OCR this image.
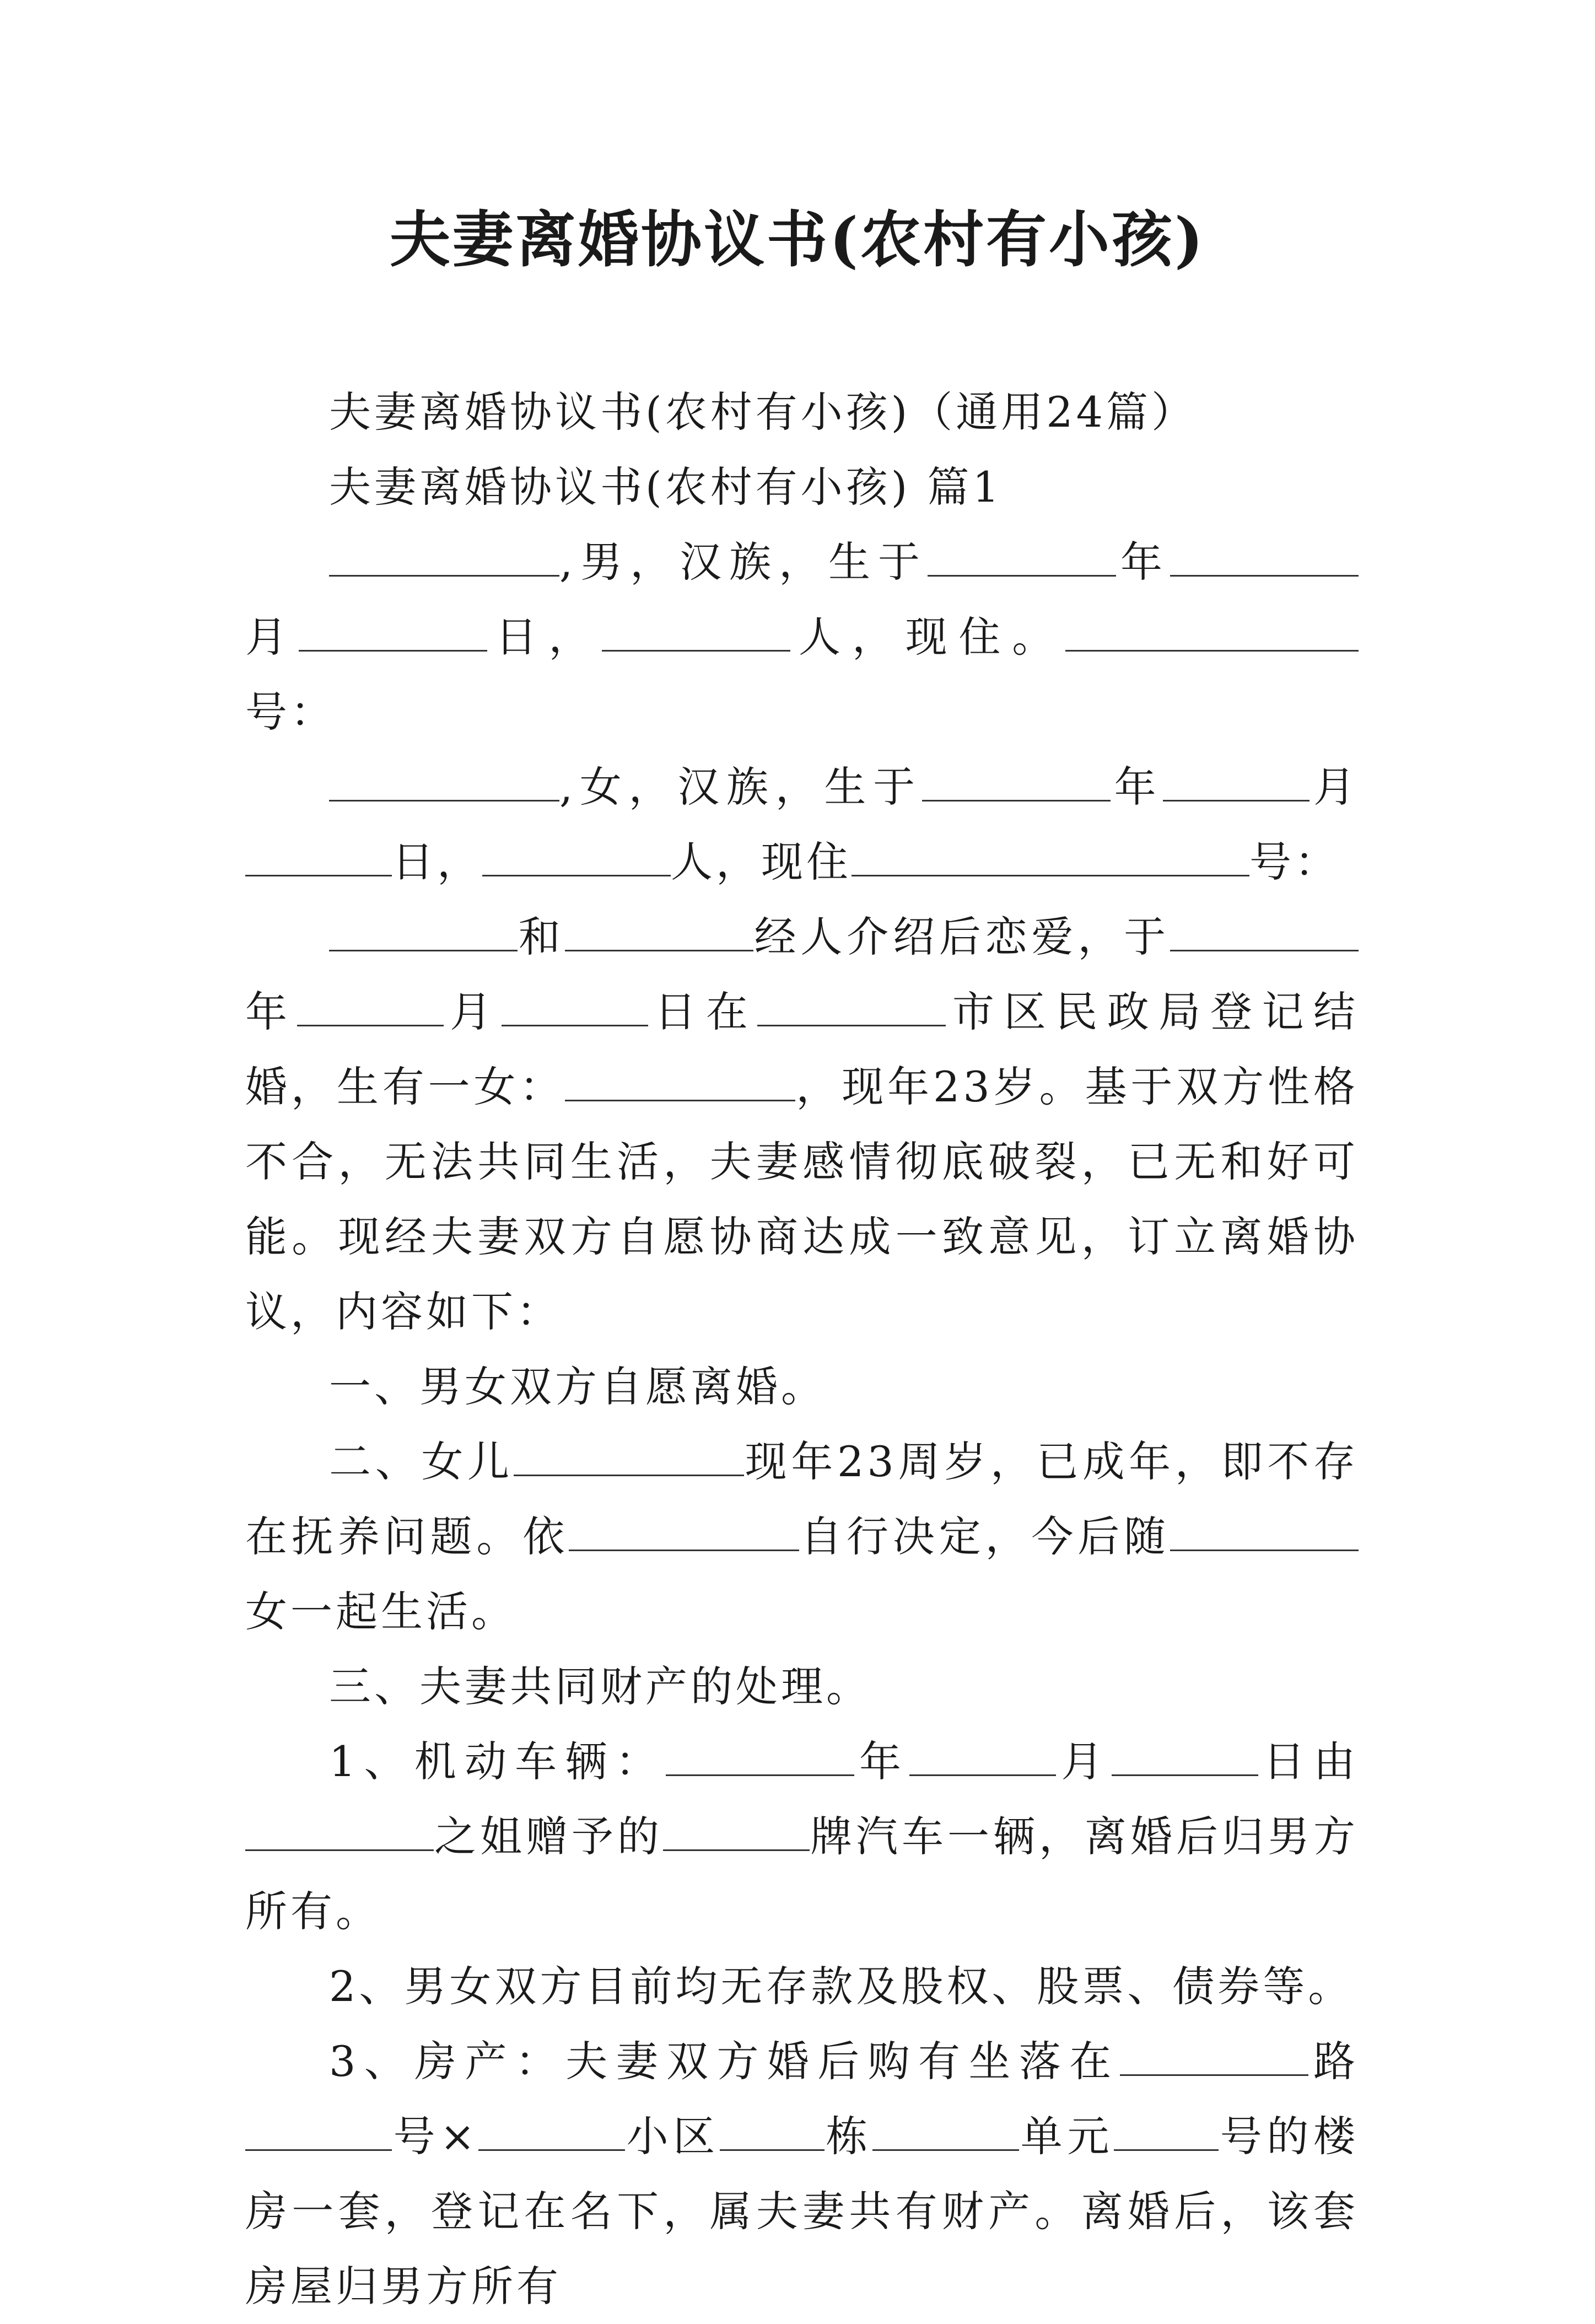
夫妻离婚协议书(农村有小孩)

夫妻离婚协议书(农村有小孩)（通用24篇）

夫妻离婚协议书(农村有小孩) 篇1

,男，汉族，生于	年月	日，	人，现住。号：

,女，汉族，生于	年	月日，	人，现住	号：

和	经人介绍后恋爱，于年	月	日在	市区民政局登记结婚，生有一女：	，现年23岁。基于双方性格不合，无法共同生活，夫妻感情彻底破裂，已无和好可能。现经夫妻双方自愿协商达成一致意见，订立离婚协议，内容如下：

一、男女双方自愿离婚。

二、女儿	现年23周岁，已成年，即不存在抚养问题。依	自行决定，今后随女一起生活。

三、夫妻共同财产的处理。

1、机动车辆：	年	月	日由之姐赠予的	牌汽车一辆，离婚后归男方所有。

2、男女双方目前均无存款及股权、股票、债券等。

3、房产：夫妻双方婚后购有坐落在	路号×	小区	栋	单元	号的楼房一套，登记在名下，属夫妻共有财产。离婚后，该套房屋归男方所有
